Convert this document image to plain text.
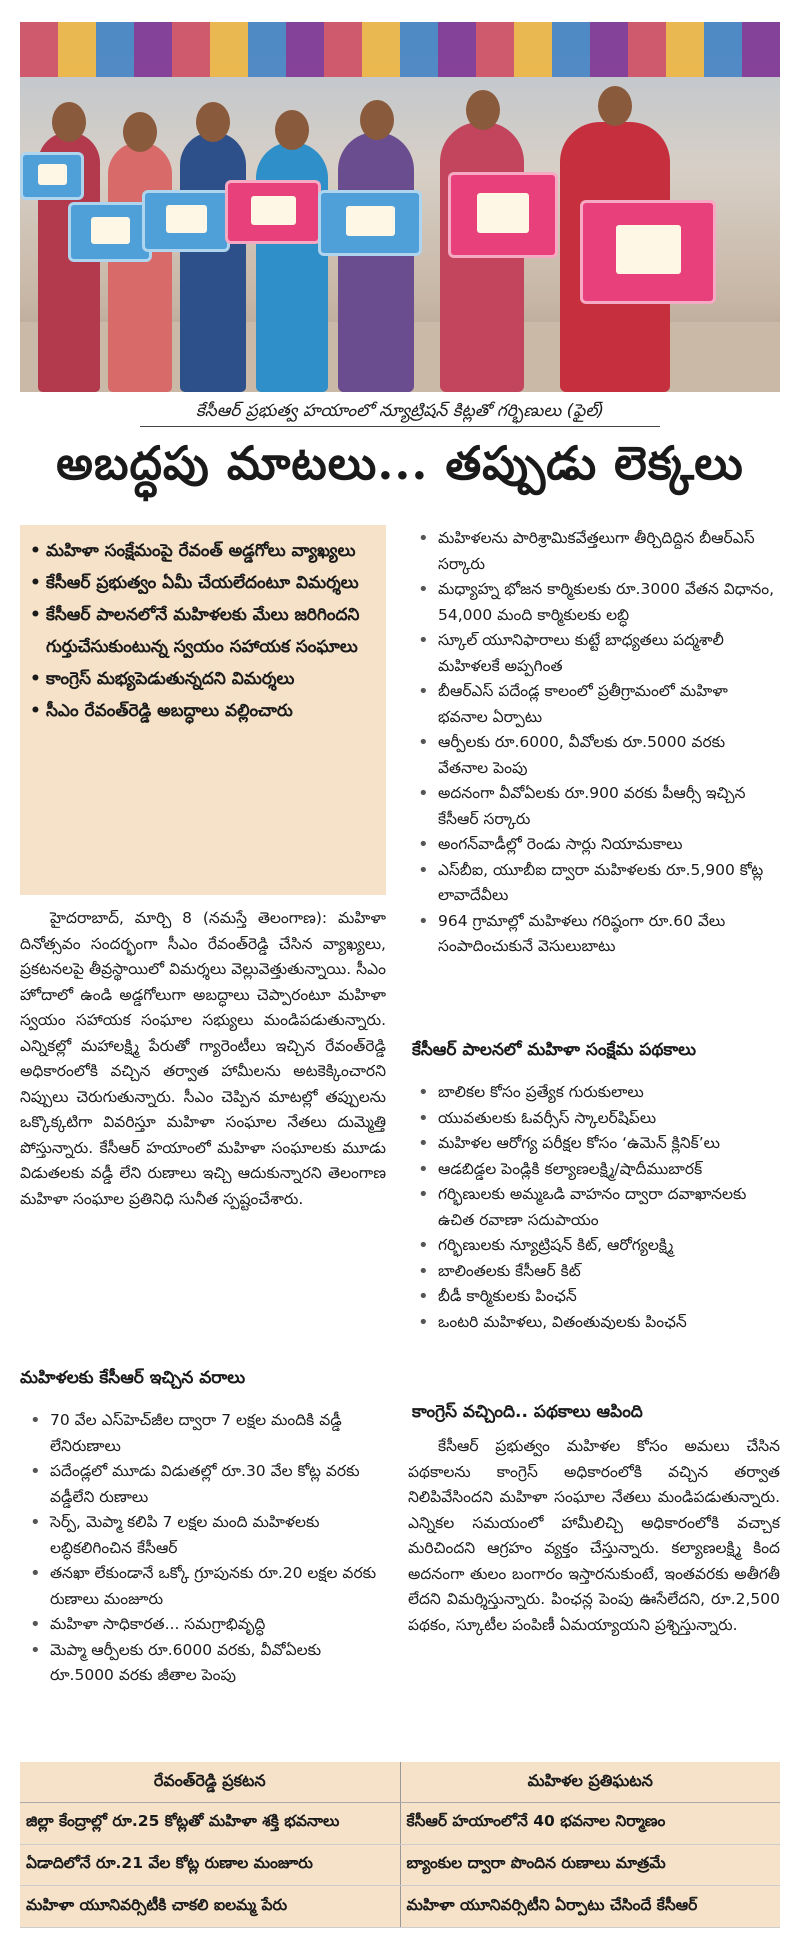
కేసీఆర్ ప్రభుత్వ హయాంలో న్యూట్రిషన్ కిట్లతో గర్భిణులు (ఫైల్)
అబద్ధపు మాటలు... తప్పుడు లెక్కలు
• మహిళా సంక్షేమంపై రేవంత్ అడ్డగోలు వ్యాఖ్యలు
• కేసీఆర్ ప్రభుత్వం ఏమీ చేయలేదంటూ విమర్శలు
• కేసీఆర్ పాలనలోనే మహిళలకు మేలు జరిగిందని గుర్తుచేసుకుంటున్న స్వయం సహాయక సంఘాలు
• కాంగ్రెస్ మభ్యపెడుతున్నదని విమర్శలు
• సీఎం రేవంత్‌రెడ్డి అబద్ధాలు వల్లించారు
హైదరాబాద్, మార్చి 8 (నమస్తే తెలంగాణ): మహిళా దినోత్సవం సందర్భంగా సీఎం రేవంత్‌రెడ్డి చేసిన వ్యాఖ్యలు, ప్రకటనలపై తీవ్రస్థాయిలో విమర్శలు వెల్లువెత్తుతున్నాయి. సీఎం హోదాలో ఉండి అడ్డగోలుగా అబద్ధాలు చెప్పారంటూ మహిళా స్వయం సహాయక సంఘాల సభ్యులు మండిపడుతున్నారు. ఎన్నికల్లో మహాలక్ష్మి పేరుతో గ్యారెంటీలు ఇచ్చిన రేవంత్‌రెడ్డి అధికారంలోకి వచ్చిన తర్వాత హామీలను అటకెక్కించారని నిప్పులు చెరుగుతున్నారు. సీఎం చెప్పిన మాటల్లో తప్పులను ఒక్కొక్కటిగా వివరిస్తూ మహిళా సంఘాల నేతలు దుమ్మెత్తి పోస్తున్నారు. కేసీఆర్ హయాంలో మహిళా సంఘాలకు మూడు విడుతలకు వడ్డీ లేని రుణాలు ఇచ్చి ఆదుకున్నారని తెలంగాణ మహిళా సంఘాల ప్రతినిధి సునీత స్పష్టంచేశారు.
మహిళలకు కేసీఆర్ ఇచ్చిన వరాలు
• 70 వేల ఎస్‌హెచ్‌జీల ద్వారా 7 లక్షల మందికి వడ్డీ లేనిరుణాలు
• పదేండ్లలో మూడు విడుతల్లో రూ.30 వేల కోట్ల వరకు వడ్డీలేని రుణాలు
• సెర్ప్, మెప్మా కలిపి 7 లక్షల మంది మహిళలకు లబ్ధికలిగించిన కేసీఆర్
• తనఖా లేకుండానే ఒక్కో గ్రూపునకు రూ.20 లక్షల వరకు రుణాలు మంజూరు
• మహిళా సాధికారత... సమగ్రాభివృద్ధి
• మెప్మా ఆర్పీలకు రూ.6000 వరకు, వీవోఏలకు రూ.5000 వరకు జీతాల పెంపు
• మహిళలను పారిశ్రామికవేత్తలుగా తీర్చిదిద్దిన బీఆర్‌ఎస్ సర్కారు
• మధ్యాహ్న భోజన కార్మికులకు రూ.3000 వేతన విధానం, 54,000 మంది కార్మికులకు లబ్ధి
• స్కూల్ యూనిఫారాలు కుట్టే బాధ్యతలు పద్మశాలీ మహిళలకే అప్పగింత
• బీఆర్‌ఎస్ పదేండ్ల కాలంలో ప్రతీగ్రామంలో మహిళా భవనాల ఏర్పాటు
• ఆర్పీలకు రూ.6000, వీవోలకు రూ.5000 వరకు వేతనాల పెంపు
• అదనంగా వీవోఏలకు రూ.900 వరకు పీఆర్సీ ఇచ్చిన కేసీఆర్ సర్కారు
• అంగన్‌వాడీల్లో రెండు సార్లు నియామకాలు
• ఎస్‌బీఐ, యూబీఐ ద్వారా మహిళలకు రూ.5,900 కోట్ల లావాదేవీలు
• 964 గ్రామాల్లో మహిళలు గరిష్ఠంగా రూ.60 వేలు సంపాదించుకునే వెసులుబాటు
కేసీఆర్ పాలనలో మహిళా సంక్షేమ పథకాలు
• బాలికల కోసం ప్రత్యేక గురుకులాలు
• యువతులకు ఓవర్సీస్ స్కాలర్‌షిప్‌లు
• మహిళల ఆరోగ్య పరీక్షల కోసం ‘ఉమెన్ క్లినిక్’లు
• ఆడబిడ్డల పెండ్లికి కల్యాణలక్ష్మి/షాదీముబారక్
• గర్భిణులకు అమ్మఒడి వాహనం ద్వారా దవాఖానలకు ఉచిత రవాణా సదుపాయం
• గర్భిణులకు న్యూట్రిషన్ కిట్, ఆరోగ్యలక్ష్మి
• బాలింతలకు కేసీఆర్ కిట్
• బీడీ కార్మికులకు పింఛన్
• ఒంటరి మహిళలు, వితంతువులకు పింఛన్
కాంగ్రెస్ వచ్చింది.. పథకాలు ఆపింది
కేసీఆర్ ప్రభుత్వం మహిళల కోసం అమలు చేసిన పథకాలను కాంగ్రెస్ అధికారంలోకి వచ్చిన తర్వాత నిలిపివేసిందని మహిళా సంఘాల నేతలు మండిపడుతున్నారు. ఎన్నికల సమయంలో హామీలిచ్చి అధికారంలోకి వచ్చాక మరిచిందని ఆగ్రహం వ్యక్తం చేస్తున్నారు. కల్యాణలక్ష్మి కింద అదనంగా తులం బంగారం ఇస్తారనుకుంటే, ఇంతవరకు అతీగతీ లేదని విమర్శిస్తున్నారు. పింఛన్ల పెంపు ఊసేలేదని, రూ.2,500 పథకం, స్కూటీల పంపిణీ ఏమయ్యాయని ప్రశ్నిస్తున్నారు.
రేవంత్‌రెడ్డి ప్రకటన	మహిళల ప్రతిఘటన
జిల్లా కేంద్రాల్లో రూ.25 కోట్లతో మహిళా శక్తి భవనాలు	కేసీఆర్ హయాంలోనే 40 భవనాల నిర్మాణం
ఏడాదిలోనే రూ.21 వేల కోట్ల రుణాల మంజూరు	బ్యాంకుల ద్వారా పొందిన రుణాలు మాత్రమే
మహిళా యూనివర్సిటీకి చాకలి ఐలమ్మ పేరు	మహిళా యూనివర్సిటీని ఏర్పాటు చేసిందే కేసీఆర్
